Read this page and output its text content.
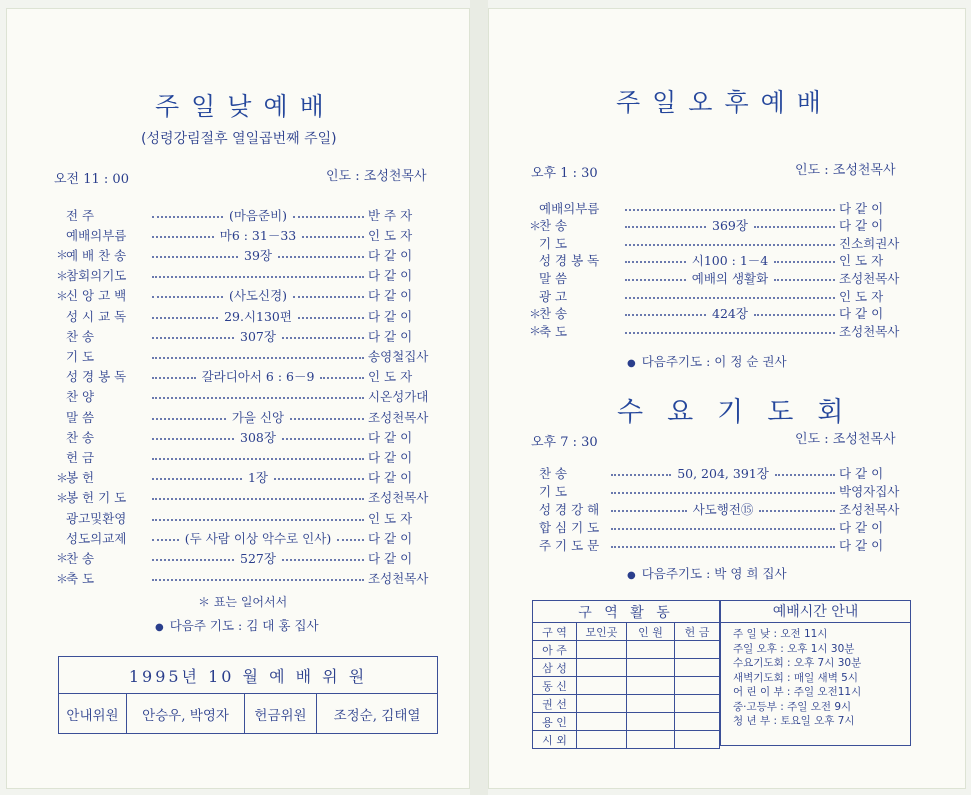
주일낮예배
(성령강림절후 열일곱번째 주일)
오전 11 : 00	인도 : 조성천목사
전 주	(마음준비)	반 주 자
예배의부름	마6 : 31－33	인 도 자
＊
예 배 찬 송	39장	다 같 이
＊
참회의기도	다 같 이
＊
신 앙 고 백	(사도신경)	다 같 이
성 시 교 독	29.시130편	다 같 이
찬 송	307장	다 같 이
기 도	송영철집사
성 경 봉 독	갈라디아서 6 : 6－9	인 도 자
찬 양	시온성가대
말 씀	가을 신앙	조성천목사
찬 송	308장	다 같 이
헌 금	다 같 이
＊
봉 헌	1장	다 같 이
＊
봉 헌 기 도	조성천목사
광고및환영	인 도 자
성도의교제	(두 사람 이상 악수로 인사)	다 같 이
＊
찬 송	527장	다 같 이
＊
축 도	조성천목사
＊ 표는 일어서서
● 다음주 기도 : 김 대 홍 집사
1995년 10 월 예 배 위 원
안내위원	안승우, 박영자	헌금위원	조정순, 김태열
주일오후예배
오후 1 : 30	인도 : 조성천목사
예배의부름	다 같 이
＊
찬 송	369장	다 같 이
기 도	진소희권사
성 경 봉 독	시100 : 1－4	인 도 자
말 씀	예배의 생활화	조성천목사
광 고	인 도 자
＊
찬 송	424장	다 같 이
＊
축 도	조성천목사
● 다음주기도 : 이 정 순 권사
수요기도회
오후 7 : 30	인도 : 조성천목사
찬 송	50, 204, 391장	다 같 이
기 도	박영자집사
성 경 강 해	사도행전⑮	조성천목사
합 심 기 도	다 같 이
주 기 도 문	다 같 이
● 다음주기도 : 박 영 희 집사
구 역 활 동			
구 역	모인곳	인 원	헌 금
아 주			
삼 성			
동 신			
권 선			
용 인			
시 외			
예배시간 안내
주 일 낮 : 오전 11시
주일 오후 : 오후 1시 30분
수요기도회 : 오후 7시 30분
새벽기도회 : 매일 새벽 5시
어 린 이 부 : 주일 오전11시
중·고등부 : 주일 오전 9시
청 년 부 : 토요일 오후 7시
